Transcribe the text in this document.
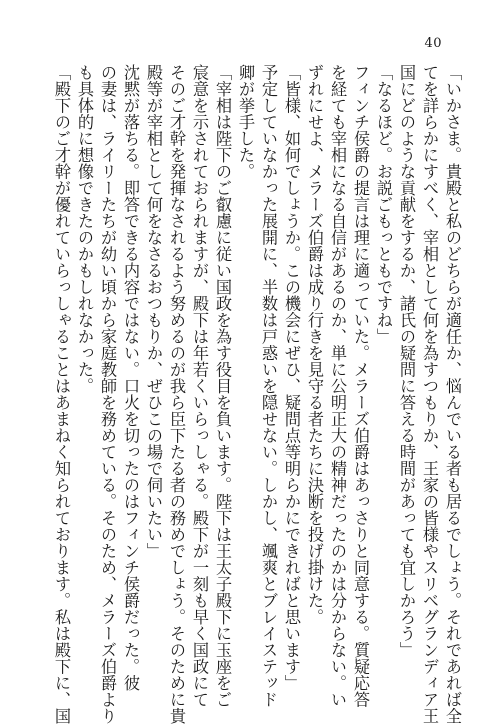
40
「いかさま。貴殿と私のどちらが適任か、悩んでいる者も居るでしょう。それであれば全
てを詳らかにすべく、宰相として何を為すつもりか、王家の皆様やスリベグランディア王
国にどのような貢献をするか、諸氏の疑問に答える時間があっても宜しかろう」
「なるほど。お説ごもっともですね」
フィンチ侯爵の提言は理に適っていた。メラーズ伯爵はあっさりと同意する。質疑応答
を経ても宰相になる自信があるのか、単に公明正大の精神だったのかは分からない。い
ずれにせよ、メラーズ伯爵は成り行きを見守る者たちに決断を投げ掛けた。
「皆様、如何でしょうか。この機会にぜひ、疑問点等明らかにできればと思います」
予定していなかった展開に、半数は戸惑いを隠せない。しかし、颯爽とブレイステッド
卿が挙手した。
「宰相は陛下のご叡慮に従い国政を為す役目を負います。陛下は王太子殿下に玉座をご
宸意を示されておられますが、殿下は年若くいらっしゃる。殿下が一刻も早く国政にて
そのご才幹を発揮なされるよう努めるのが我ら臣下たる者の務めでしょう。そのために貴
殿等が宰相として何をなさるおつもりか、ぜひこの場で伺いたい」
沈黙が落ちる。即答できる内容ではない。口火を切ったのはフィンチ侯爵だった。彼
の妻は、ライリーたちが幼い頃から家庭教師を務めている。そのため、メラーズ伯爵より
も具体的に想像できたのかもしれなかった。
「殿下のご才幹が優れていらっしゃることはあまねく知られております。私は殿下に、国
